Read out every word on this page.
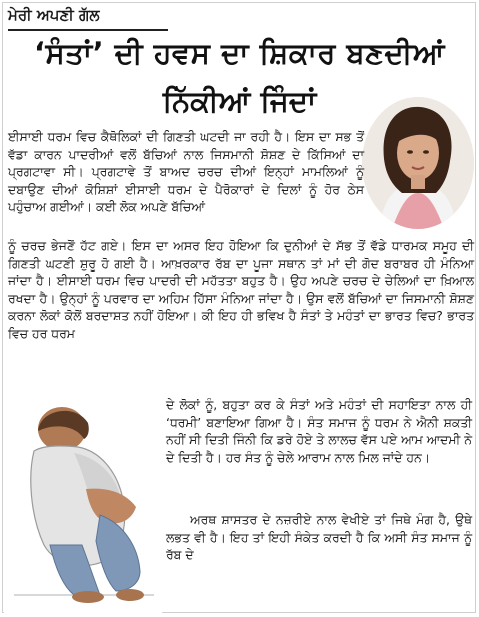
ਮੇਰੀ ਅਪਣੀ ਗੱਲ
‘ਸੰਤਾਂ’ ਦੀ ਹਵਸ ਦਾ ਸ਼ਿਕਾਰ ਬਣਦੀਆਂ
ਨਿੱਕੀਆਂ ਜਿੰਦਾਂ

ਈਸਾਈ ਧਰਮ ਵਿਚ ਕੈਥੋਲਿਕਾਂ ਦੀ ਗਿਣਤੀ ਘਟਦੀ ਜਾ ਰਹੀ ਹੈ। ਇਸ ਦਾ ਸਭ ਤੋਂ ਵੱਡਾ ਕਾਰਨ ਪਾਦਰੀਆਂ ਵਲੋਂ ਬੱਚਿਆਂ ਨਾਲ ਜਿਸਮਾਨੀ ਸ਼ੋਸ਼ਣ ਦੇ ਕਿੱਸਿਆਂ ਦਾ ਪ੍ਰਗਟਾਵਾ ਸੀ। ਪ੍ਰਗਟਾਵੇ ਤੋਂ ਬਾਅਦ ਚਰਚ ਦੀਆਂ ਇਨ੍ਹਾਂ ਮਾਮਲਿਆਂ ਨੂੰ ਦਬਾਉਣ ਦੀਆਂ ਕੋਸ਼ਿਸ਼ਾਂ ਈਸਾਈ ਧਰਮ ਦੇ ਪੈਰੋਕਾਰਾਂ ਦੇ ਦਿਲਾਂ ਨੂੰ ਹੋਰ ਠੇਸ ਪਹੁੰਚਾਅ ਗਈਆਂ। ਕਈ ਲੋਕ ਅਪਣੇ ਬੱਚਿਆਂ

ਨੂੰ ਚਰਚ ਭੇਜਣੋਂ ਹੱਟ ਗਏ। ਇਸ ਦਾ ਅਸਰ ਇਹ ਹੋਇਆ ਕਿ ਦੁਨੀਆਂ ਦੇ ਸੱਭ ਤੋਂ ਵੱਡੇ ਧਾਰਮਕ ਸਮੂਹ ਦੀ ਗਿਣਤੀ ਘਟਣੀ ਸ਼ੁਰੂ ਹੋ ਗਈ ਹੈ। ਆਖ਼ਰਕਾਰ ਰੱਬ ਦਾ ਪੂਜਾ ਸਥਾਨ ਤਾਂ ਮਾਂ ਦੀ ਗੋਦ ਬਰਾਬਰ ਹੀ ਮੰਨਿਆ ਜਾਂਦਾ ਹੈ। ਈਸਾਈ ਧਰਮ ਵਿਚ ਪਾਦਰੀ ਦੀ ਮਹੱਤਤਾ ਬਹੁਤ ਹੈ। ਉਹ ਅਪਣੇ ਚਰਚ ਦੇ ਚੇਲਿਆਂ ਦਾ ਖ਼ਿਆਲ ਰਖਦਾ ਹੈ। ਉਨ੍ਹਾਂ ਨੂੰ ਪਰਵਾਰ ਦਾ ਅਹਿਮ ਹਿੱਸਾ ਮੰਨਿਆ ਜਾਂਦਾ ਹੈ। ਉਸ ਵਲੋਂ ਬੱਚਿਆਂ ਦਾ ਜਿਸਮਾਨੀ ਸ਼ੋਸ਼ਣ ਕਰਨਾ ਲੋਕਾਂ ਕੋਲੋਂ ਬਰਦਾਸ਼ਤ ਨਹੀਂ ਹੋਇਆ। ਕੀ ਇਹ ਹੀ ਭਵਿਖ ਹੈ ਸੰਤਾਂ ਤੇ ਮਹੰਤਾਂ ਦਾ ਭਾਰਤ ਵਿਚ? ਭਾਰਤ ਵਿਚ ਹਰ ਧਰਮ

ਦੇ ਲੋਕਾਂ ਨੂੰ, ਬਹੁਤਾ ਕਰ ਕੇ ਸੰਤਾਂ ਅਤੇ ਮਹੰਤਾਂ ਦੀ ਸਹਾਇਤਾ ਨਾਲ ਹੀ ‘ਧਰਮੀ’ ਬਣਾਇਆ ਗਿਆ ਹੈ। ਸੰਤ ਸਮਾਜ ਨੂੰ ਧਰਮ ਨੇ ਐਨੀ ਸ਼ਕਤੀ ਨਹੀਂ ਸੀ ਦਿਤੀ ਜਿੰਨੀ ਕਿ ਡਰੇ ਹੋਏ ਤੇ ਲਾਲਚ ਵੱਸ ਪਏ ਆਮ ਆਦਮੀ ਨੇ ਦੇ ਦਿਤੀ ਹੈ। ਹਰ ਸੰਤ ਨੂੰ ਚੇਲੇ ਆਰਾਮ ਨਾਲ ਮਿਲ ਜਾਂਦੇ ਹਨ।

ਅਰਥ ਸ਼ਾਸਤਰ ਦੇ ਨਜ਼ਰੀਏ ਨਾਲ ਵੇਖੀਏ ਤਾਂ ਜਿਥੇ ਮੰਗ ਹੈ, ਉਥੇ ਲਭਤ ਵੀ ਹੈ। ਇਹ ਤਾਂ ਇਹੀ ਸੰਕੇਤ ਕਰਦੀ ਹੈ ਕਿ ਅਸੀ ਸੰਤ ਸਮਾਜ ਨੂੰ ਰੱਬ ਦੇ
